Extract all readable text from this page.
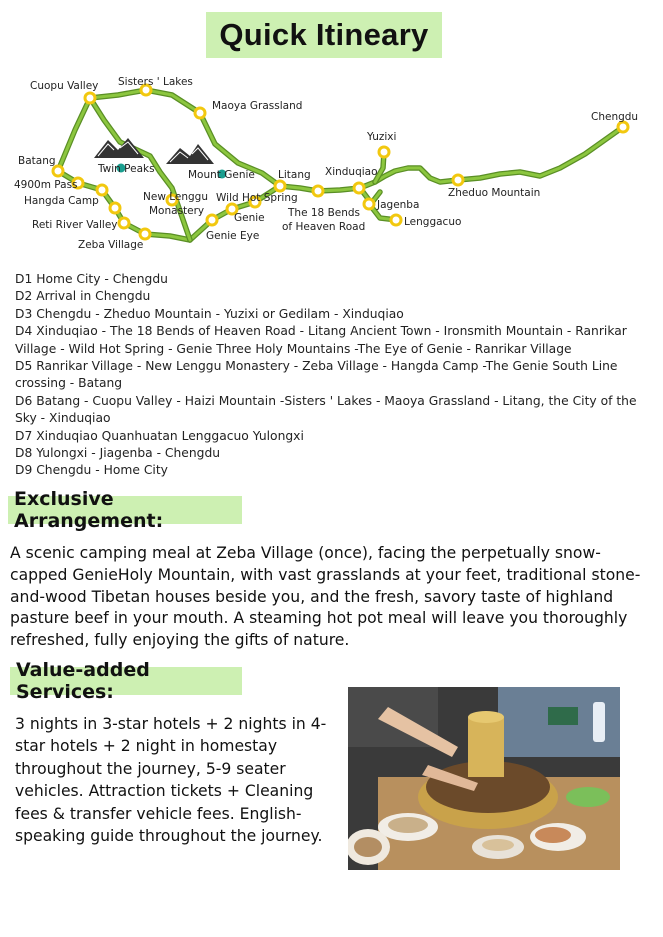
Quick Itineary
Cuopu Valley Sisters ' Lakes
Maoya Grassland
Chengdu
Yuzixi
Batang
Twin Peaks	Mount Genie Litang Xinduqiao
4900m Pass
Hangda Camp	New Lenggu
Monastery
Wild Hot Spring
Jagenba
Zheduo Mountain
Genie The 18 Bends
of Heaven Road
Reti River Valley
Genie Eye
Lenggacuo
Zeba Village
D1 Home City - Chengdu
D2 Arrival in Chengdu
D3 Chengdu - Zheduo Mountain - Yuzixi or Gedilam - Xinduqiao
D4 Xinduqiao - The 18 Bends of Heaven Road - Litang Ancient Town - Ironsmith Mountain - Ranrikar Village - Wild Hot Spring - Genie Three Holy Mountains -The Eye of Genie - Ranrikar Village
D5 Ranrikar Village - New Lenggu Monastery - Zeba Village - Hangda Camp -The Genie South Line crossing - Batang
D6 Batang - Cuopu Valley - Haizi Mountain -Sisters ' Lakes - Maoya Grassland - Litang, the City of the Sky - Xinduqiao
D7 Xinduqiao Quanhuatan Lenggacuo Yulongxi
D8 Yulongxi - Jiagenba - Chengdu
D9 Chengdu - Home City
Exclusive Arrangement:
A scenic camping meal at Zeba Village (once), facing the perpetually snow-capped GenieHoly Mountain, with vast grasslands at your feet, traditional stone-and-wood Tibetan houses beside you, and the fresh, savory taste of highland pasture beef in your mouth. A steaming hot pot meal will leave you thoroughly refreshed, fully enjoying the gifts of nature.
Value-added Services:
3 nights in 3-star hotels + 2 nights in 4-star hotels + 2 night in homestay throughout the journey, 5-9 seater vehicles. Attraction tickets + Cleaning fees & transfer vehicle fees. English-speaking guide throughout the journey.
